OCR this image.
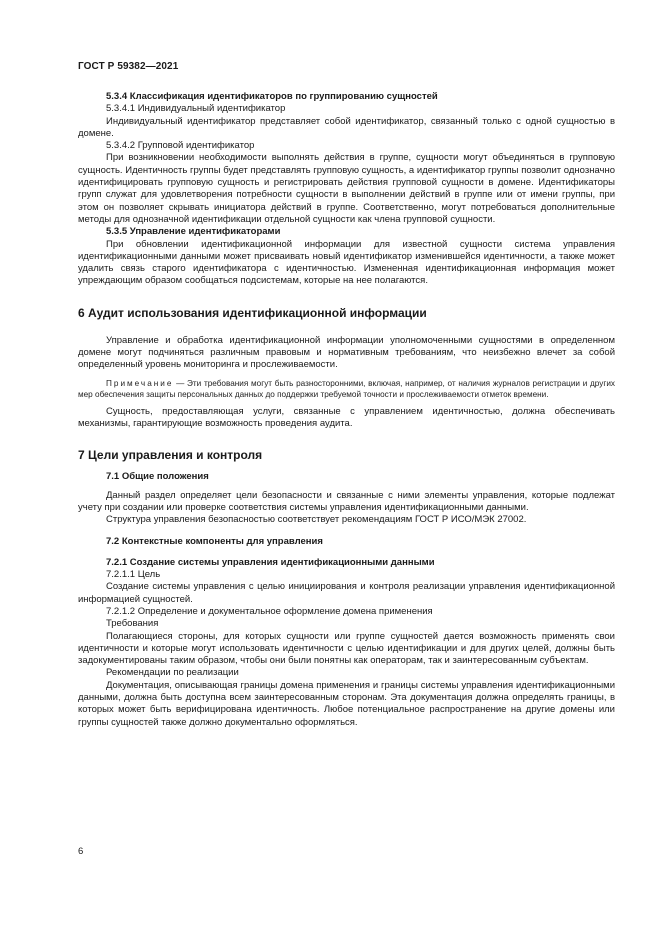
ГОСТ Р 59382—2021

5.3.4 Классификация идентификаторов по группированию сущностей

5.3.4.1 Индивидуальный идентификатор

Индивидуальный идентификатор представляет собой идентификатор, связанный только с одной сущностью в домене.

5.3.4.2 Групповой идентификатор

При возникновении необходимости выполнять действия в группе, сущности могут объединяться в групповую сущность. Идентичность группы будет представлять групповую сущность, а идентификатор группы позволит однозначно идентифицировать групповую сущность и регистрировать действия групповой сущности в домене. Идентификаторы групп служат для удовлетворения потребности сущности в выполнении действий в группе или от имени группы, при этом он позволяет скрывать инициатора действий в группе. Соответственно, могут потребоваться дополнительные методы для однозначной идентификации отдельной сущности как члена групповой сущности.

5.3.5 Управление идентификаторами

При обновлении идентификационной информации для известной сущности система управления идентификационными данными может присваивать новый идентификатор изменившейся идентичности, а также может удалить связь старого идентификатора с идентичностью. Измененная идентификационная информация может упреждающим образом сообщаться подсистемам, которые на нее полагаются.

6 Аудит использования идентификационной информации

Управление и обработка идентификационной информации уполномоченными сущностями в определенном домене могут подчиняться различным правовым и нормативным требованиям, что неизбежно влечет за собой определенный уровень мониторинга и прослеживаемости.

Примечание — Эти требования могут быть разносторонними, включая, например, от наличия журналов регистрации и других мер обеспечения защиты персональных данных до поддержки требуемой точности и прослеживаемости отметок времени.

Сущность, предоставляющая услуги, связанные с управлением идентичностью, должна обеспечивать механизмы, гарантирующие возможность проведения аудита.

7 Цели управления и контроля

7.1 Общие положения

Данный раздел определяет цели безопасности и связанные с ними элементы управления, которые подлежат учету при создании или проверке соответствия системы управления идентификационными данными.

Структура управления безопасностью соответствует рекомендациям ГОСТ Р ИСО/МЭК 27002.

7.2 Контекстные компоненты для управления

7.2.1 Создание системы управления идентификационными данными

7.2.1.1 Цель

Создание системы управления с целью инициирования и контроля реализации управления идентификационной информацией сущностей.

7.2.1.2 Определение и документальное оформление домена применения

Требования

Полагающиеся стороны, для которых сущности или группе сущностей дается возможность применять свои идентичности и которые могут использовать идентичности с целью идентификации и для других целей, должны быть задокументированы таким образом, чтобы они были понятны как операторам, так и заинтересованным субъектам.

Рекомендации по реализации

Документация, описывающая границы домена применения и границы системы управления идентификационными данными, должна быть доступна всем заинтересованным сторонам. Эта документация должна определять границы, в которых может быть верифицирована идентичность. Любое потенциальное распространение на другие домены или группы сущностей также должно документально оформляться.

6
